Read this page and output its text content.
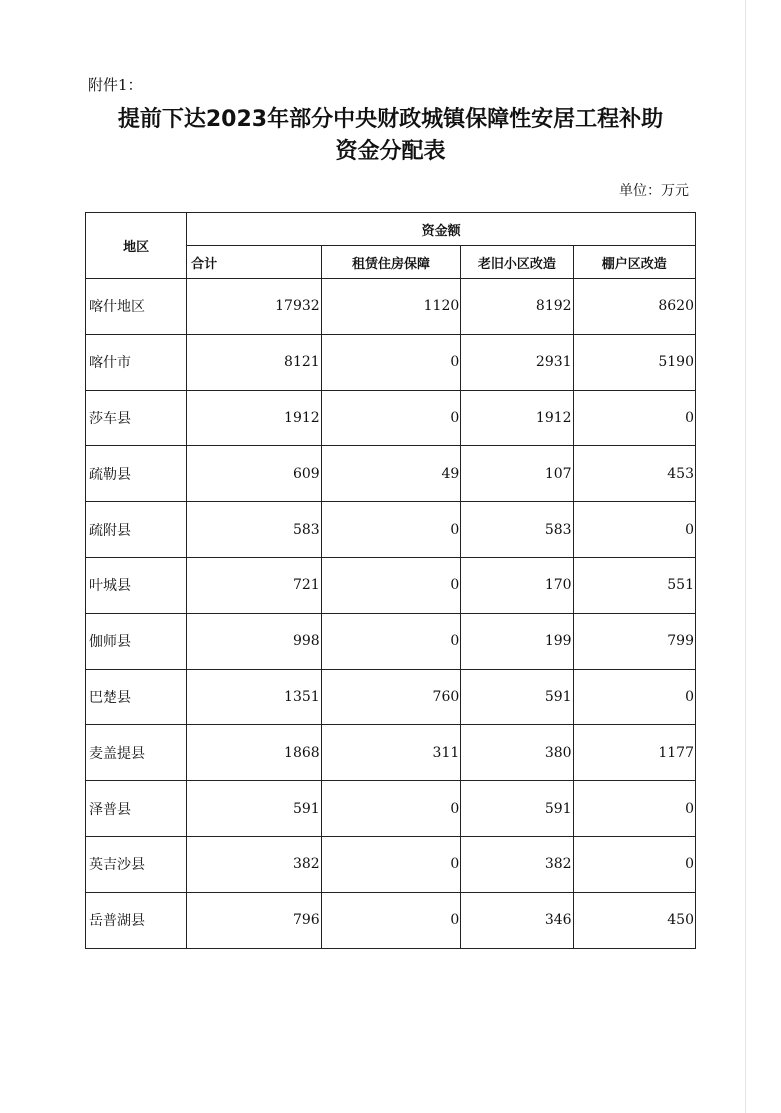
附件1：
提前下达2023年部分中央财政城镇保障性安居工程补助
资金分配表
单位：万元
地区	资金额			
	合计	租赁住房保障	老旧小区改造	棚户区改造
喀什地区	17932	1120	8192	8620
喀什市	8121	0	2931	5190
莎车县	1912	0	1912	0
疏勒县	609	49	107	453
疏附县	583	0	583	0
叶城县	721	0	170	551
伽师县	998	0	199	799
巴楚县	1351	760	591	0
麦盖提县	1868	311	380	1177
泽普县	591	0	591	0
英吉沙县	382	0	382	0
岳普湖县	796	0	346	450
